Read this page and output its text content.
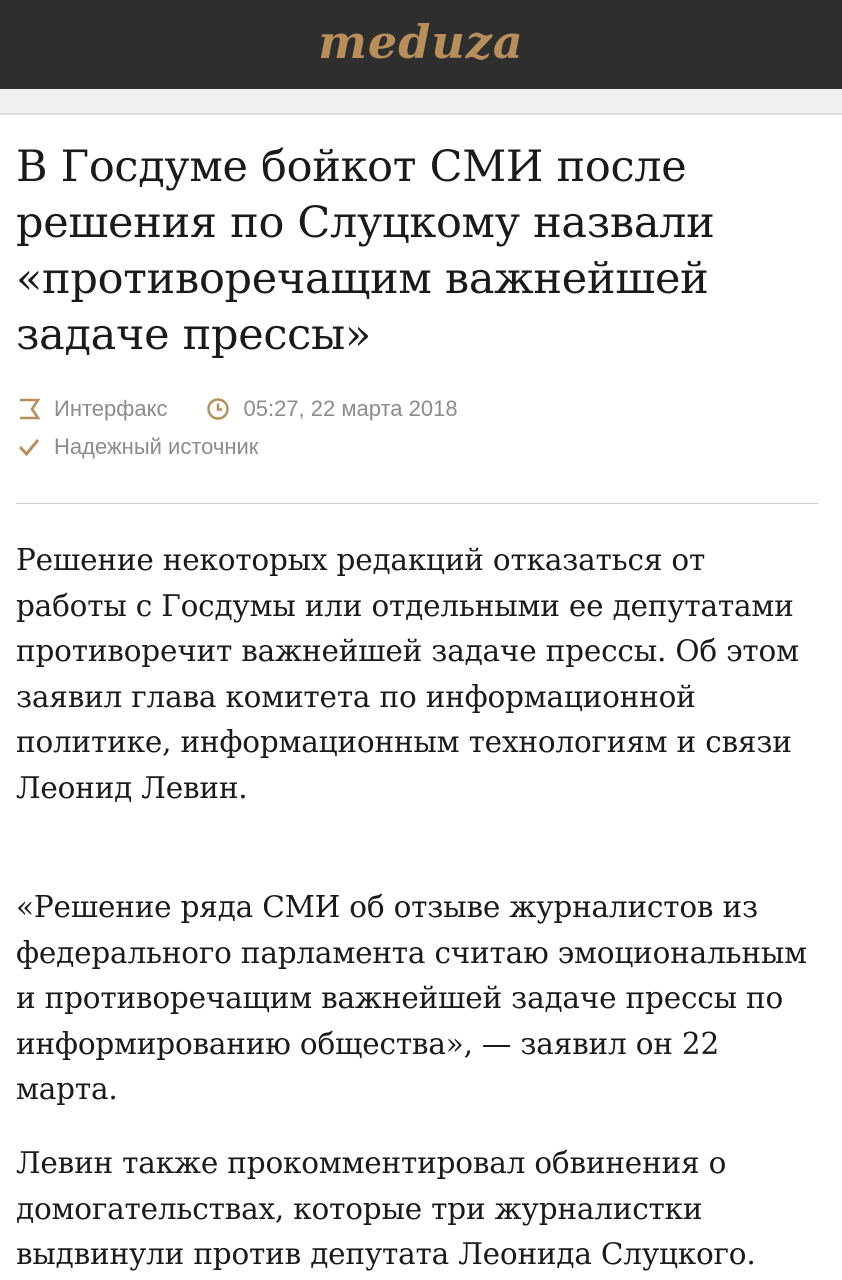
meduza
В Госдуме бойкот СМИ после решения по Слуцкому назвали «противоречащим важнейшей задаче прессы»
Интерфакс	05:27, 22 марта 2018
Надежный источник

Решение некоторых редакций отказаться от работы с Госдумы или отдельными ее депутатами противоречит важнейшей задаче прессы. Об этом заявил глава комитета по информационной политике, информационным технологиям и связи Леонид Левин.

«Решение ряда СМИ об отзыве журналистов из федерального парламента считаю эмоциональным и противоречащим важнейшей задаче прессы по информированию общества», — заявил он 22 марта.

Левин также прокомментировал обвинения о домогательствах, которые три журналистки выдвинули против депутата Леонида Слуцкого.
